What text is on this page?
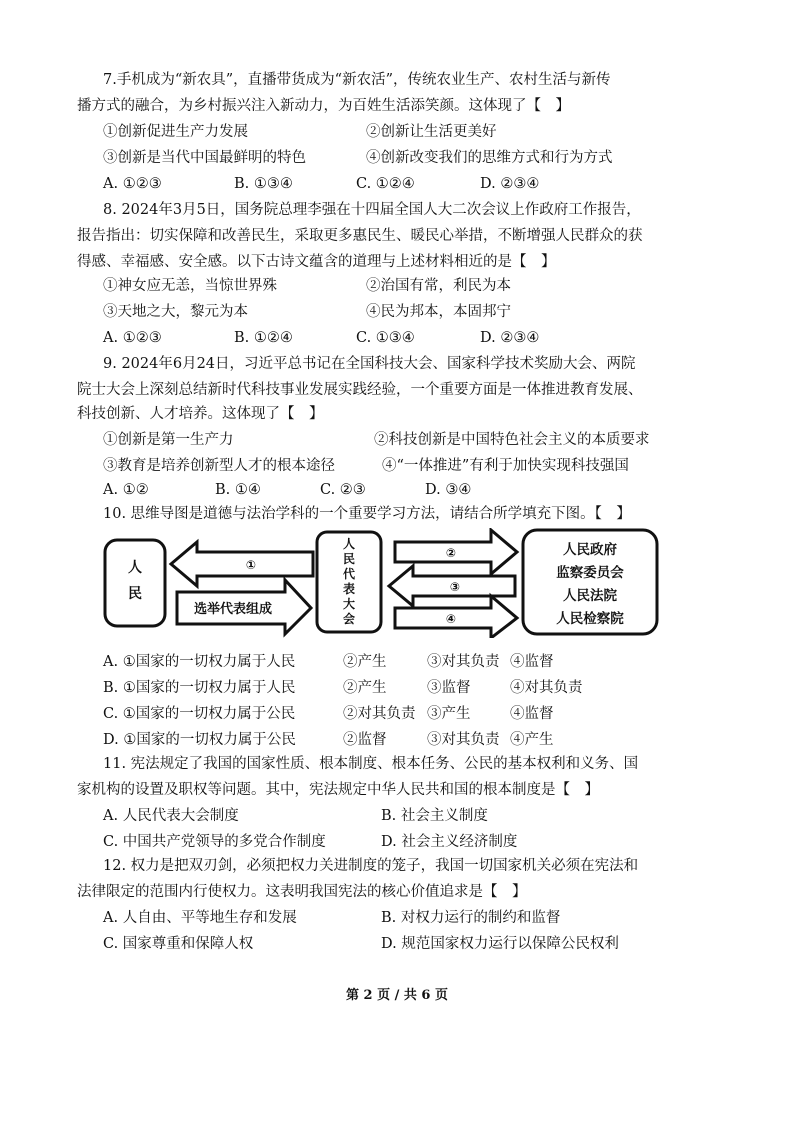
7.手机成为“新农具”，直播带货成为“新农活”，传统农业生产、农村生活与新传
播方式的融合，为乡村振兴注入新动力，为百姓生活添笑颜。这体现了【　】
①创新促进生产力发展	②创新让生活更美好
③创新是当代中国最鲜明的特色	④创新改变我们的思维方式和行为方式
A. ①②③	B. ①③④	C. ①②④	D. ②③④
8. 2024年3月5日，国务院总理李强在十四届全国人大二次会议上作政府工作报告，
报告指出：切实保障和改善民生，采取更多惠民生、暖民心举措，不断增强人民群众的获
得感、幸福感、安全感。以下古诗文蕴含的道理与上述材料相近的是【　】
①神女应无恙，当惊世界殊	②治国有常，利民为本
③天地之大，黎元为本	④民为邦本，本固邦宁
A. ①②③	B. ①②④	C. ①③④	D. ②③④
9. 2024年6月24日，习近平总书记在全国科技大会、国家科学技术奖励大会、两院
院士大会上深刻总结新时代科技事业发展实践经验，一个重要方面是一体推进教育发展、
科技创新、人才培养。这体现了【　】
①创新是第一生产力	②科技创新是中国特色社会主义的本质要求
③教育是培养创新型人才的根本途径	④“一体推进”有利于加快实现科技强国
A. ①②	B. ①④	C. ②③	D. ③④
10. 思维导图是道德与法治学科的一个重要学习方法，请结合所学填充下图。【　】
人
民
人
民
代
表
大
会
①
选举代表组成
②
③
④
人民政府
监察委员会
人民法院
人民检察院
A. ①国家的一切权力属于人民	②产生	③对其负责 ④监督
B. ①国家的一切权力属于人民	②产生	③监督	④对其负责
C. ①国家的一切权力属于公民	②对其负责 ③产生	④监督
D. ①国家的一切权力属于公民	②监督	③对其负责 ④产生
11. 宪法规定了我国的国家性质、根本制度、根本任务、公民的基本权利和义务、国
家机构的设置及职权等问题。其中，宪法规定中华人民共和国的根本制度是【　】
A. 人民代表大会制度	B. 社会主义制度
C. 中国共产党领导的多党合作制度	D. 社会主义经济制度
12. 权力是把双刃剑，必须把权力关进制度的笼子，我国一切国家机关必须在宪法和
法律限定的范围内行使权力。这表明我国宪法的核心价值追求是【　】
A. 人自由、平等地生存和发展	B. 对权力运行的制约和监督
C. 国家尊重和保障人权	D. 规范国家权力运行以保障公民权利
第 2 页 / 共 6 页
